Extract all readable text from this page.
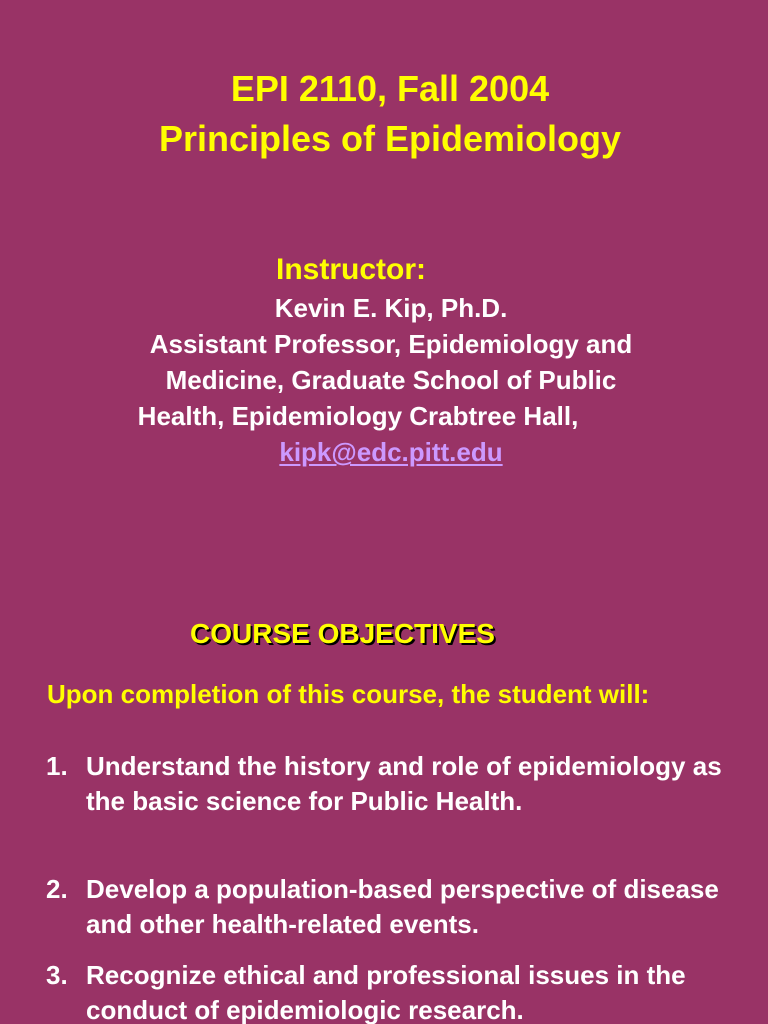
EPI 2110, Fall 2004
Principles of Epidemiology
Instructor:
Kevin E. Kip, Ph.D.
Assistant Professor, Epidemiology and
Medicine, Graduate School of Public
Health, Epidemiology Crabtree Hall,
kipk@edc.pitt.edu
COURSE OBJECTIVES
Upon completion of this course, the student will:
1. Understand the history and role of epidemiology as the basic science for Public Health.
2. Develop a population-based perspective of disease and other health-related events.
3. Recognize ethical and professional issues in the conduct of epidemiologic research.
